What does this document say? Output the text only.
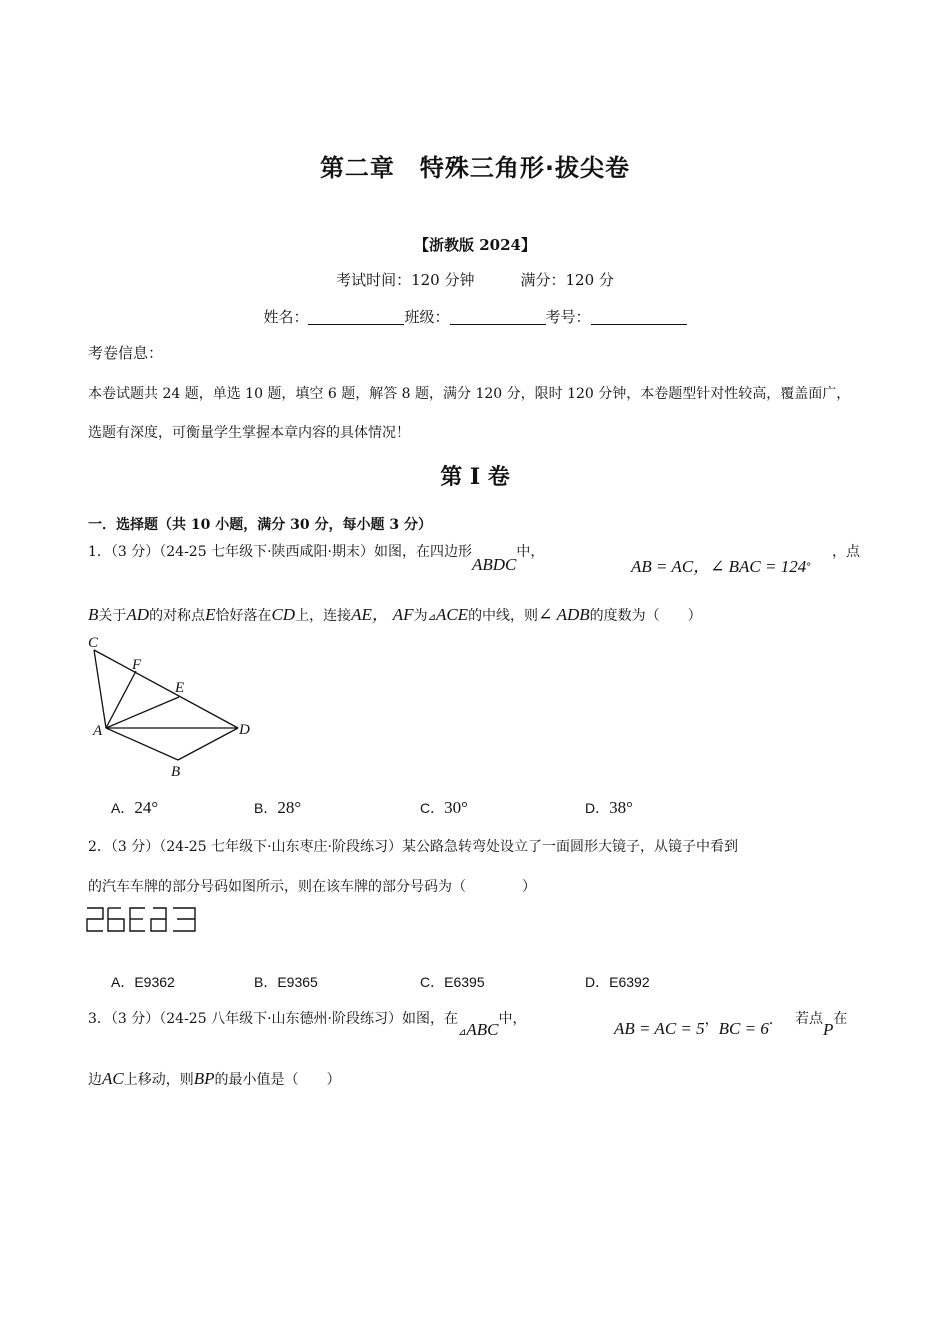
第二章　特殊三角形·拔尖卷
【浙教版 2024】
考试时间：120 分钟	满分：120 分
姓名：	班级：	考号：
考卷信息：
本卷试题共 24 题，单选 10 题，填空 6 题，解答 8 题，满分 120 分，限时 120 分钟，本卷题型针对性较高，覆盖面广，选题有深度，可衡量学生掌握本章内容的具体情况！
第 Ⅰ 卷
一．选择题（共 10 小题，满分 30 分，每小题 3 分）
1．（3 分）（24-25 七年级下·陕西咸阳·期末）如图，在四边形ABDC中，
AB = AC，∠ BAC = 124°
，点
B关于AD的对称点E恰好落在CD上，连接AE， AF为⊿ACE的中线，则∠ ADB的度数为（　　）
C
F
E
A	D
B
A．24°	B．28°	C．30°	D．38°
2．（3 分）（24-25 七年级下·山东枣庄·阶段练习）某公路急转弯处设立了一面圆形大镜子，从镜子中看到
的汽车车牌的部分号码如图所示，则在该车牌的部分号码为（　　　　）
A．E9362	B．E9365	C．E6395	D．E6392
3．（3 分）（24-25 八年级下·山东德州·阶段练习）如图，在$_⊿$ABC中，	AB = AC = 5，BC = 6． 若点P在
边AC上移动，则BP的最小值是（　　）
